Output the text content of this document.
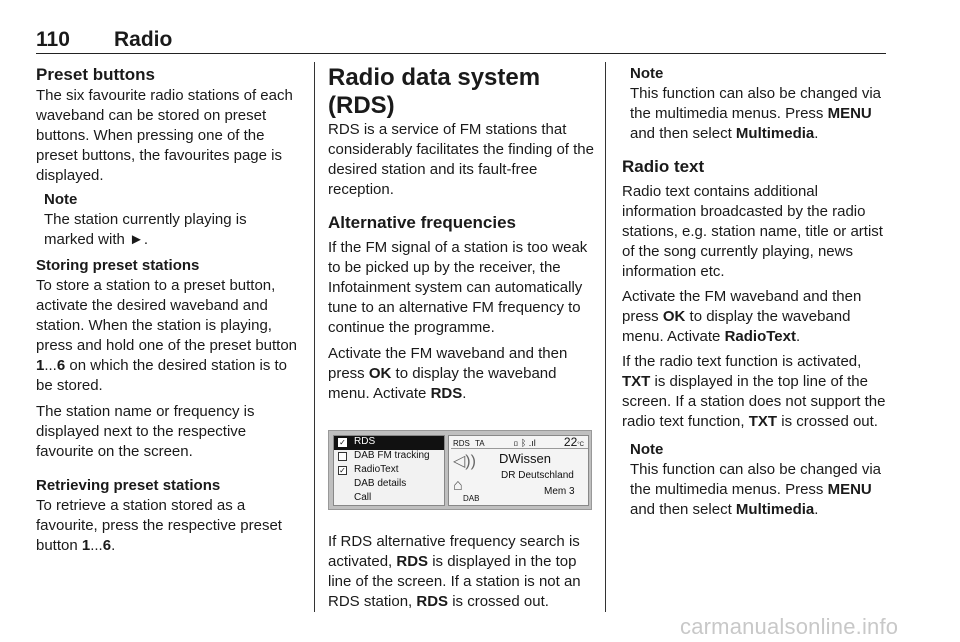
110 Radio

Preset buttons

The six favourite radio stations of each waveband can be stored on preset buttons. When pressing one of the preset buttons, the favourites page is displayed.

Note

The station currently playing is marked with ►.

Storing preset stations

To store a station to a preset button, activate the desired waveband and station. When the station is playing, press and hold one of the preset button 1...6 on which the desired station is to be stored.

The station name or frequency is displayed next to the respective favourite on the screen.

Retrieving preset stations

To retrieve a station stored as a favourite, press the respective preset button 1...6.

Radio data system (RDS)

RDS is a service of FM stations that considerably facilitates the finding of the desired station and its fault-free reception.

Alternative frequencies

If the FM signal of a station is too weak to be picked up by the receiver, the Infotainment system can automatically tune to an alternative FM frequency to continue the programme.

Activate the FM waveband and then press OK to display the waveband menu. Activate RDS.

✓ RDS
DAB FM tracking
✓ RadioText
DAB details
Call
RDS TA	▯ ᛒ .ıl 22°C
◁))
⌂
DWissen
DR Deutschland
Mem 3
DAB

If RDS alternative frequency search is activated, RDS is displayed in the top line of the screen. If a station is not an RDS station, RDS is crossed out.

Note

This function can also be changed via the multimedia menus. Press MENU and then select Multimedia.

Radio text

Radio text contains additional information broadcasted by the radio stations, e.g. station name, title or artist of the song currently playing, news information etc.

Activate the FM waveband and then press OK to display the waveband menu. Activate RadioText.

If the radio text function is activated, TXT is displayed in the top line of the screen. If a station does not support the radio text function, TXT is crossed out.

Note

This function can also be changed via the multimedia menus. Press MENU and then select Multimedia.

carmanualsonline.info
